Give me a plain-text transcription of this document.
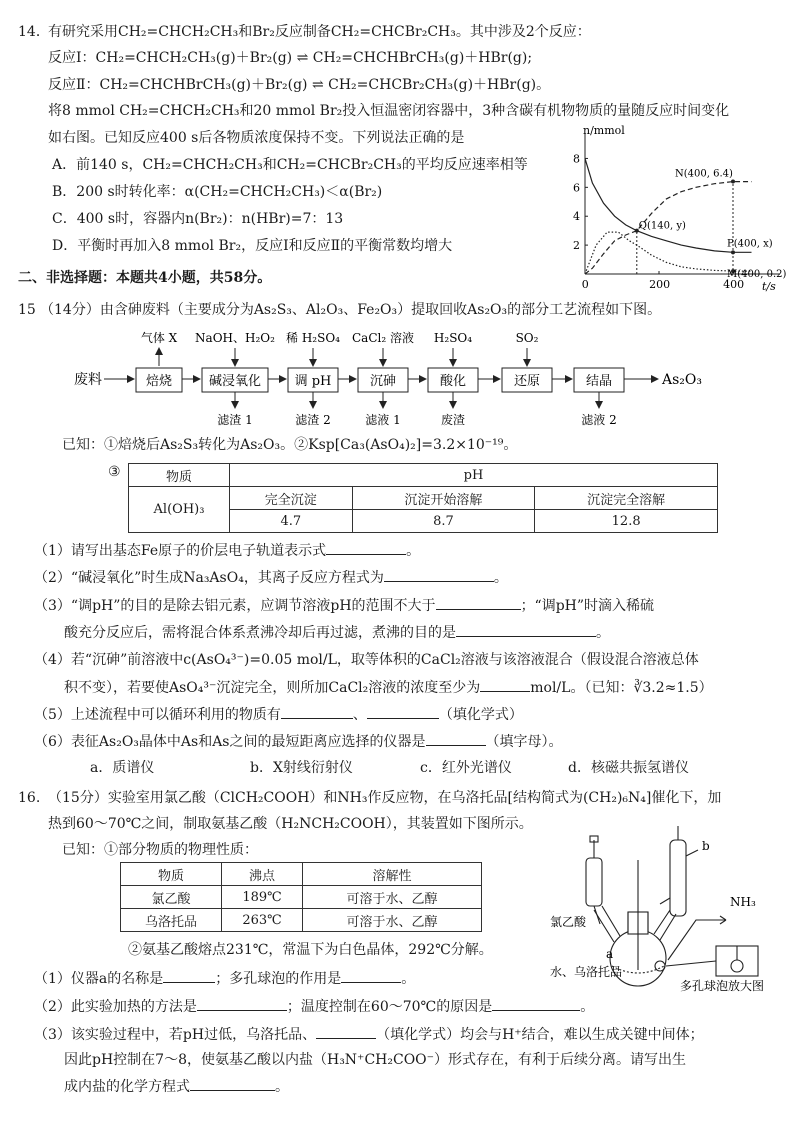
14．
有研究采用CH₂=CHCH₂CH₃和Br₂反应制备CH₂=CHCBr₂CH₃。其中涉及2个反应：
反应Ⅰ：CH₂=CHCH₂CH₃(g)＋Br₂(g) ⇌ CH₂=CHCHBrCH₃(g)＋HBr(g);
反应Ⅱ：CH₂=CHCHBrCH₃(g)＋Br₂(g) ⇌ CH₂=CHCBr₂CH₃(g)＋HBr(g)。
将8 mmol CH₂=CHCH₂CH₃和20 mmol Br₂投入恒温密闭容器中，3种含碳有机物物质的量随反应时间变化
如右图。已知反应400 s后各物质浓度保持不变。下列说法正确的是
A．前140 s，CH₂=CHCH₂CH₃和CH₂=CHCBr₂CH₃的平均反应速率相等
B．200 s时转化率：α(CH₂=CHCH₂CH₃)＜α(Br₂)
C．400 s时，容器内n(Br₂)：n(HBr)=7：13
D．平衡时再加入8 mmol Br₂，反应Ⅰ和反应Ⅱ的平衡常数均增大
n/mmol
t/s
2
4
6
8
0	200	400
N(400, 6.4)
Q(140, y)
P(400, x)
M(400, 0.2)
二、非选择题：本题共4小题，共58分。
15 （14分）由含砷废料（主要成分为As₂S₃、Al₂O₃、Fe₂O₃）提取回收As₂O₃的部分工艺流程如下图。
废料	焙烧	碱浸氧化	调 pH	沉砷	酸化	还原	结晶	As₂O₃
气体 X NaOH、H₂O₂ 稀 H₂SO₄ CaCl₂ 溶液 H₂SO₄	SO₂
滤渣 1	滤渣 2	滤液 1	废渣	滤液 2
已知：①焙烧后As₂S₃转化为As₂O₃。②Ksp[Ca₃(AsO₄)₂]=3.2×10⁻¹⁹。
③	物质	pH		
Al(OH)₃	完全沉淀	沉淀开始溶解	沉淀完全溶解
	4.7	8.7	12.8
（1）请写出基态Fe原子的价层电子轨道表示式	。
（2）“碱浸氧化”时生成Na₃AsO₄，其离子反应方程式为	。
（3）“调pH”的目的是除去铝元素，应调节溶液pH的范围不大于	；“调pH”时滴入稀硫
酸充分反应后，需将混合体系煮沸冷却后再过滤，煮沸的目的是	。
（4）若“沉砷”前溶液中c(AsO₄³⁻)=0.05 mol/L，取等体积的CaCl₂溶液与该溶液混合（假设混合溶液总体
积不变），若要使AsO₄³⁻沉淀完全，则所加CaCl₂溶液的浓度至少为	mol/L。（已知：∛3.2≈1.5）
（5）上述流程中可以循环利用的物质有	、	（填化学式）
（6）表征As₂O₃晶体中As和As之间的最短距离应选择的仪器是	（填字母）。
a．质谱仪	b．X射线衍射仪	c．红外光谱仪	d．核磁共振氢谱仪
16. （15分）实验室用氯乙酸（ClCH₂COOH）和NH₃作反应物，在乌洛托品[结构简式为(CH₂)₆N₄]催化下，加
热到60～70℃之间，制取氨基乙酸（H₂NCH₂COOH），其装置如下图所示。
已知：①部分物质的物理性质：
物质	沸点	溶解性
氯乙酸	189℃	可溶于水、乙醇
乌洛托品	263℃	可溶于水、乙醇
②氨基乙酸熔点231℃，常温下为白色晶体，292℃分解。
（1）仪器a的名称是	；多孔球泡的作用是	。
（2）此实验加热的方法是	；温度控制在60～70℃的原因是	。
（3）该实验过程中，若pH过低，乌洛托品、	（填化学式）均会与H⁺结合，难以生成关键中间体；
因此pH控制在7～8，使氨基乙酸以内盐（H₃N⁺CH₂COO⁻）形式存在，有利于后续分离。请写出生
成内盐的化学方程式	。
b
NH₃
氯乙酸
a
水、乌洛托品
多孔球泡放大图
